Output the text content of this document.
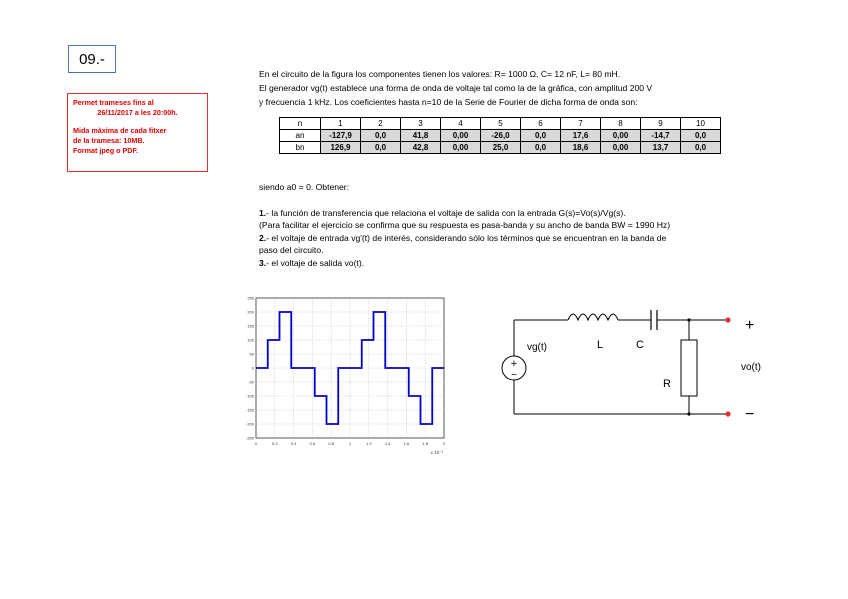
09.-
Permet trameses fins al
26/11/2017 a les 20:00h.
Mida màxima de cada fitxer
de la tramesa: 10MB.
Format jpeg o PDF.
En el circuito de la figura los componentes tienen los valores: R= 1000 Ω, C= 12 nF, L= 80 mH.
El generador vg(t) establece una forma de onda de voltaje tal como la de la gráfica, con amplitud 200 V
y frecuencia 1 kHz. Los coeficientes hasta n=10 de la Serie de Fourier de dicha forma de onda son:
n	1	2	3	4	5	6	7	8	9	10
an	-127,9	0,0	41,8	0,00	-26,0	0,0	17,6	0,00	-14,7	0,0
bn	126,9	0,0	42,8	0,00	25,0	0,0	18,6	0,00	13,7	0,0
siendo a0 = 0. Obtener:
1.- la función de transferencia que relaciona el voltaje de salida con la entrada G(s)=Vo(s)/Vg(s).
(Para facilitar el ejercicio se confirma que su respuesta es pasa-banda y su ancho de banda BW = 1990 Hz)
2.- el voltaje de entrada vg'(t) de interés, considerando sólo los términos que se encuentran en la banda de
paso del circuito.
3.- el voltaje de salida vo(t).
250
200
150
100
50
0
-50
-100
-150
-200
-250
0	0.2	0.4	0.6	0.8	1	1.2	1.4	1.6	1.8	2
x 10⁻³
+
−
vg(t)	L	C
R
vo(t)
+
−
